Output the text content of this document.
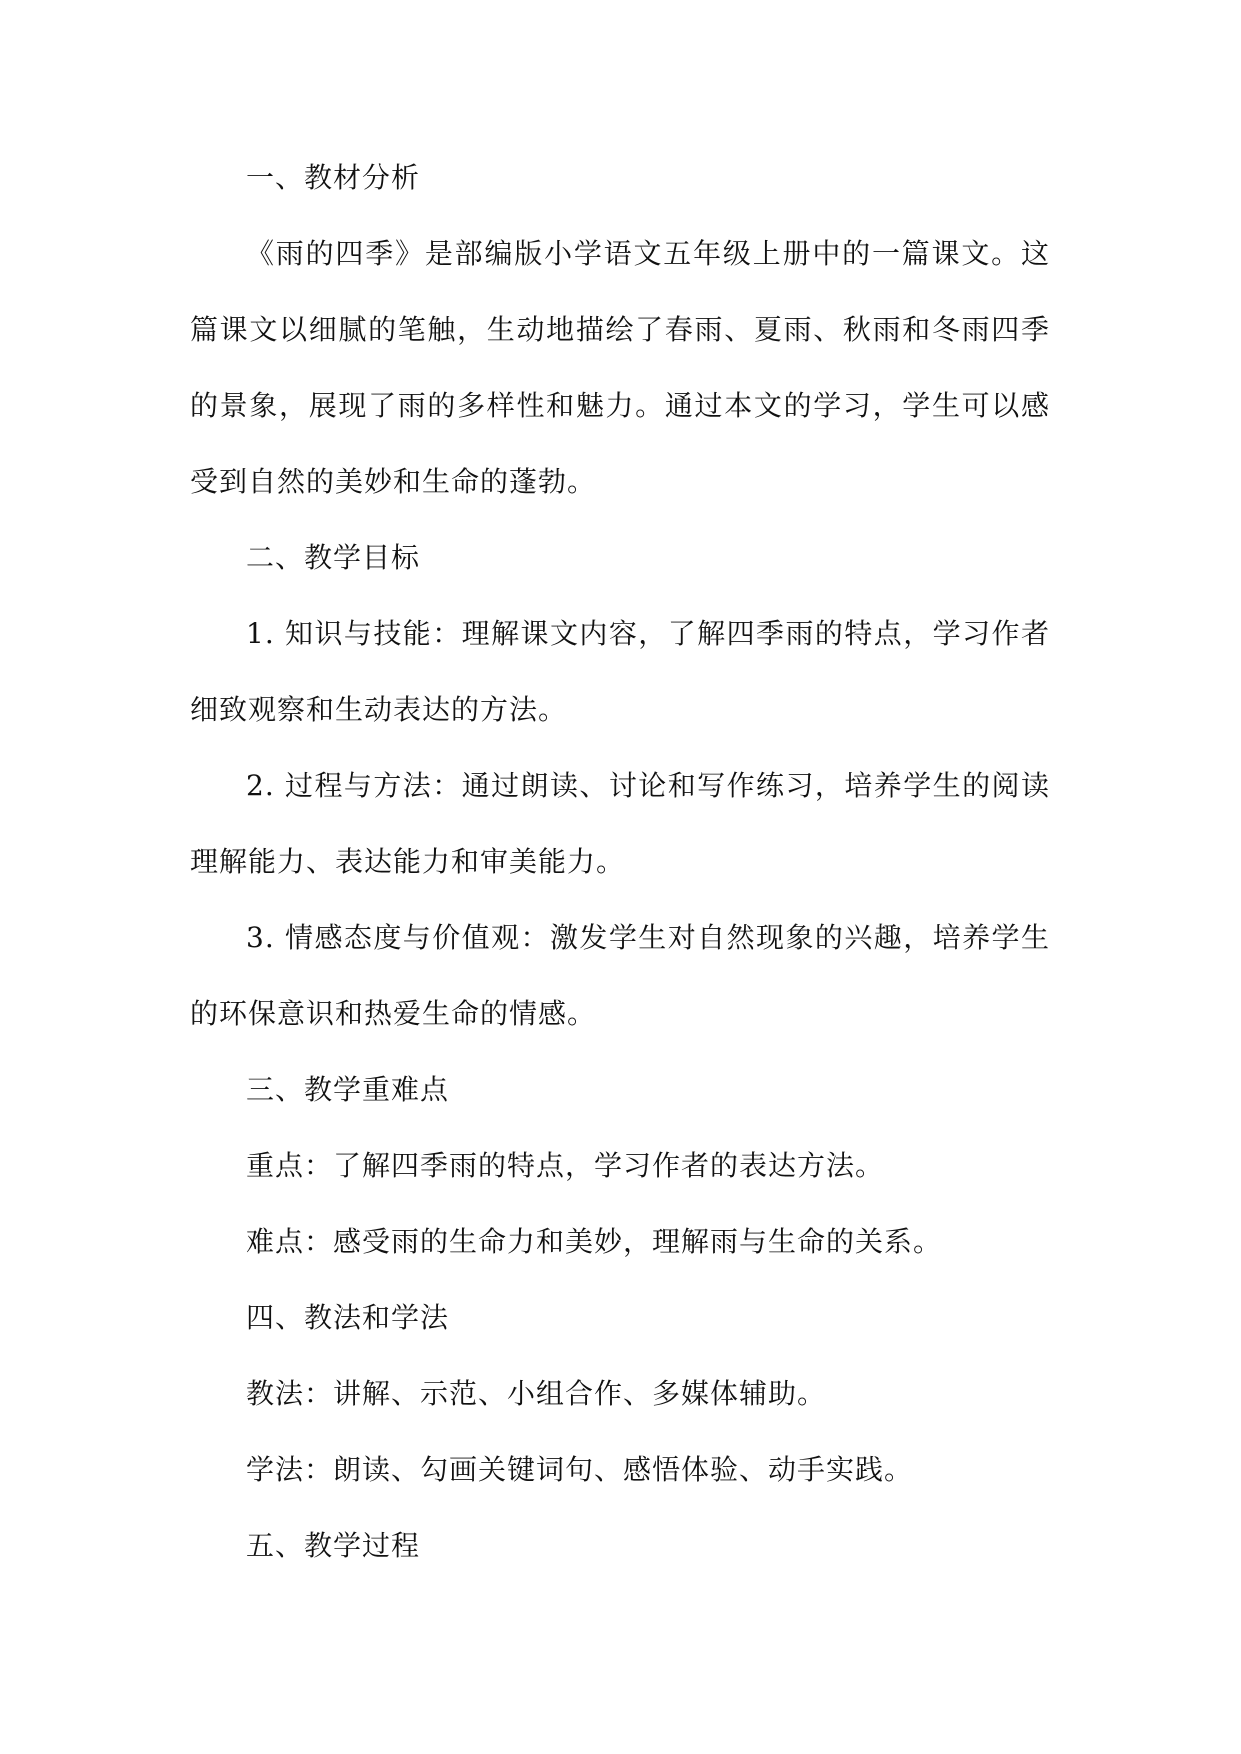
一、教材分析

《雨的四季》是部编版小学语文五年级上册中的一篇课文。这篇课文以细腻的笔触，生动地描绘了春雨、夏雨、秋雨和冬雨四季的景象，展现了雨的多样性和魅力。通过本文的学习，学生可以感受到自然的美妙和生命的蓬勃。

二、教学目标

1. 知识与技能：理解课文内容，了解四季雨的特点，学习作者细致观察和生动表达的方法。

2. 过程与方法：通过朗读、讨论和写作练习，培养学生的阅读理解能力、表达能力和审美能力。

3. 情感态度与价值观：激发学生对自然现象的兴趣，培养学生的环保意识和热爱生命的情感。

三、教学重难点

重点：了解四季雨的特点，学习作者的表达方法。

难点：感受雨的生命力和美妙，理解雨与生命的关系。

四、教法和学法

教法：讲解、示范、小组合作、多媒体辅助。

学法：朗读、勾画关键词句、感悟体验、动手实践。

五、教学过程
